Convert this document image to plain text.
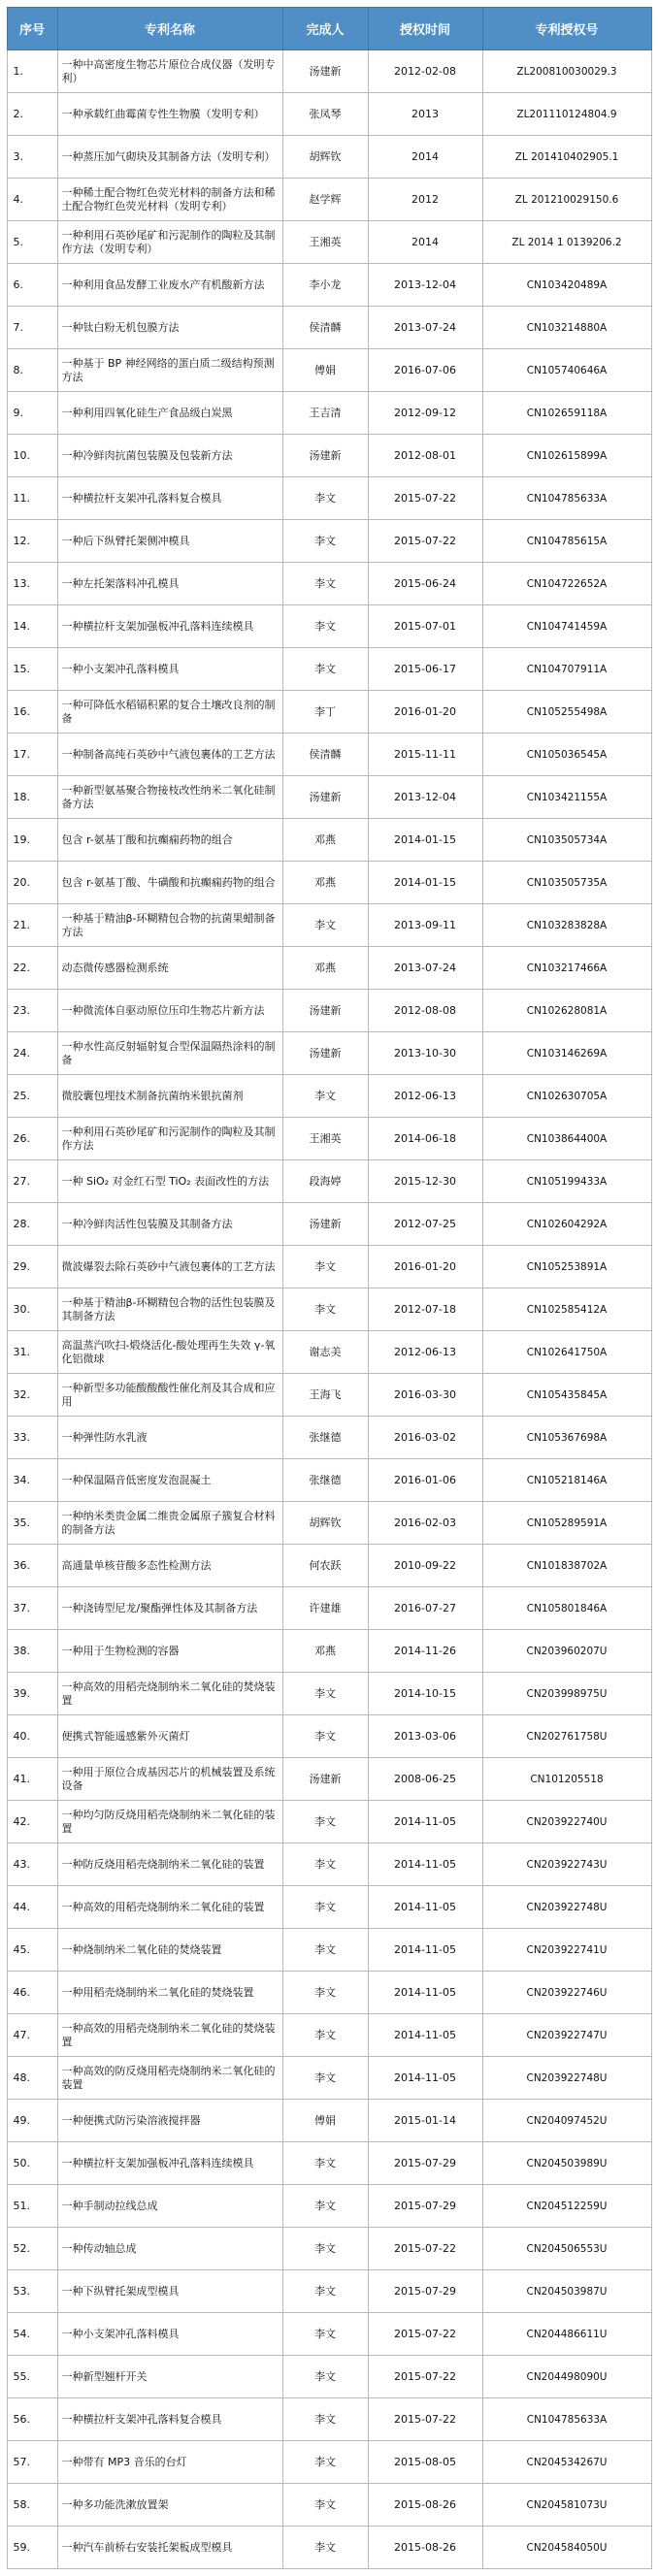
序号	专利名称	完成人	授权时间	专利授权号
1.	一种中高密度生物芯片原位合成仪器（发明专利）	汤建新	2012-02-08	ZL200810030029.3
2.	一种承载红曲霉菌专性生物膜（发明专利）	张凤琴	2013	ZL201110124804.9
3.	一种蒸压加气砌块及其制备方法（发明专利）	胡辉钦	2014	ZL 201410402905.1
4.	一种稀土配合物红色荧光材料的制备方法和稀土配合物红色荧光材料（发明专利）	赵学辉	2012	ZL 201210029150.6
5.	一种利用石英砂尾矿和污泥制作的陶粒及其制作方法（发明专利）	王湘英	2014	ZL 2014 1 0139206.2
6.	一种利用食品发酵工业废水产有机酸新方法	李小龙	2013-12-04	CN103420489A
7.	一种钛白粉无机包膜方法	侯清麟	2013-07-24	CN103214880A
8.	一种基于 BP 神经网络的蛋白质二级结构预测方法	傅娟	2016-07-06	CN105740646A
9.	一种利用四氧化硅生产食品级白炭黑	王吉清	2012-09-12	CN102659118A
10.	一种冷鲜肉抗菌包装膜及包装新方法	汤建新	2012-08-01	CN102615899A
11.	一种横拉杆支架冲孔落料复合模具	李文	2015-07-22	CN104785633A
12.	一种后下纵臂托架侧冲模具	李文	2015-07-22	CN104785615A
13.	一种左托架落料冲孔模具	李文	2015-06-24	CN104722652A
14.	一种横拉杆支架加强板冲孔落料连续模具	李文	2015-07-01	CN104741459A
15.	一种小支架冲孔落料模具	李文	2015-06-17	CN104707911A
16.	一种可降低水稻镉积累的复合土壤改良剂的制备	李丁	2016-01-20	CN105255498A
17.	一种制备高纯石英砂中气液包裹体的工艺方法	侯清麟	2015-11-11	CN105036545A
18.	一种新型氨基聚合物接枝改性纳米二氧化硅制备方法	汤建新	2013-12-04	CN103421155A
19.	包含 r-氨基丁酸和抗癫痫药物的组合	邓燕	2014-01-15	CN103505734A
20.	包含 r-氨基丁酸、牛磺酸和抗癫痫药物的组合	邓燕	2014-01-15	CN103505735A
21.	一种基于精油β-环糊精包合物的抗菌果蜡制备方法	李文	2013-09-11	CN103283828A
22.	动态微传感器检测系统	邓燕	2013-07-24	CN103217466A
23.	一种微流体自驱动原位压印生物芯片新方法	汤建新	2012-08-08	CN102628081A
24.	一种水性高反射辐射复合型保温隔热涂料的制备	汤建新	2013-10-30	CN103146269A
25.	微胶囊包埋技术制备抗菌纳米银抗菌剂	李文	2012-06-13	CN102630705A
26.	一种利用石英砂尾矿和污泥制作的陶粒及其制作方法	王湘英	2014-06-18	CN103864400A
27.	一种 SiO₂ 对金红石型 TiO₂ 表面改性的方法	段海婷	2015-12-30	CN105199433A
28.	一种冷鲜肉活性包装膜及其制备方法	汤建新	2012-07-25	CN102604292A
29.	微波爆裂去除石英砂中气液包裹体的工艺方法	李文	2016-01-20	CN105253891A
30.	一种基于精油β-环糊精包合物的活性包装膜及其制备方法	李文	2012-07-18	CN102585412A
31.	高温蒸汽吹扫-煅烧活化-酸处理再生失效 γ-氧化铝微球	谢志美	2012-06-13	CN102641750A
32.	一种新型多功能酸酸酸性催化剂及其合成和应用	王海飞	2016-03-30	CN105435845A
33.	一种弹性防水乳液	张继德	2016-03-02	CN105367698A
34.	一种保温隔音低密度发泡混凝土	张继德	2016-01-06	CN105218146A
35.	一种纳米类贵金属二维贵金属原子簇复合材料的制备方法	胡辉钦	2016-02-03	CN105289591A
36.	高通量单核苷酸多态性检测方法	何农跃	2010-09-22	CN101838702A
37.	一种浇铸型尼龙/聚酯弹性体及其制备方法	许建雄	2016-07-27	CN105801846A
38.	一种用于生物检测的容器	邓燕	2014-11-26	CN203960207U
39.	一种高效的用稻壳烧制纳米二氧化硅的焚烧装置	李文	2014-10-15	CN203998975U
40.	便携式智能遥感紫外灭菌灯	李文	2013-03-06	CN202761758U
41.	一种用于原位合成基因芯片的机械装置及系统设备	汤建新	2008-06-25	CN101205518
42.	一种均匀防反烧用稻壳烧制纳米二氧化硅的装置	李文	2014-11-05	CN203922740U
43.	一种防反烧用稻壳烧制纳米二氧化硅的装置	李文	2014-11-05	CN203922743U
44.	一种高效的用稻壳烧制纳米二氧化硅的装置	李文	2014-11-05	CN203922748U
45.	一种烧制纳米二氧化硅的焚烧装置	李文	2014-11-05	CN203922741U
46.	一种用稻壳烧制纳米二氧化硅的焚烧装置	李文	2014-11-05	CN203922746U
47.	一种高效的用稻壳烧制纳米二氧化硅的焚烧装置	李文	2014-11-05	CN203922747U
48.	一种高效的防反烧用稻壳烧制纳米二氧化硅的装置	李文	2014-11-05	CN203922748U
49.	一种便携式防污染溶液搅拌器	傅娟	2015-01-14	CN204097452U
50.	一种横拉杆支架加强板冲孔落料连续模具	李文	2015-07-29	CN204503989U
51.	一种手制动拉线总成	李文	2015-07-29	CN204512259U
52.	一种传动轴总成	李文	2015-07-22	CN204506553U
53.	一种下纵臂托架成型模具	李文	2015-07-29	CN204503987U
54.	一种小支架冲孔落料模具	李文	2015-07-22	CN204486611U
55.	一种新型翘杆开关	李文	2015-07-22	CN204498090U
56.	一种横拉杆支架冲孔落料复合模具	李文	2015-07-22	CN104785633A
57.	一种带有 MP3 音乐的台灯	李文	2015-08-05	CN204534267U
58.	一种多功能洗漱放置架	李文	2015-08-26	CN204581073U
59.	一种汽车前桥右安装托架板成型模具	李文	2015-08-26	CN204584050U
